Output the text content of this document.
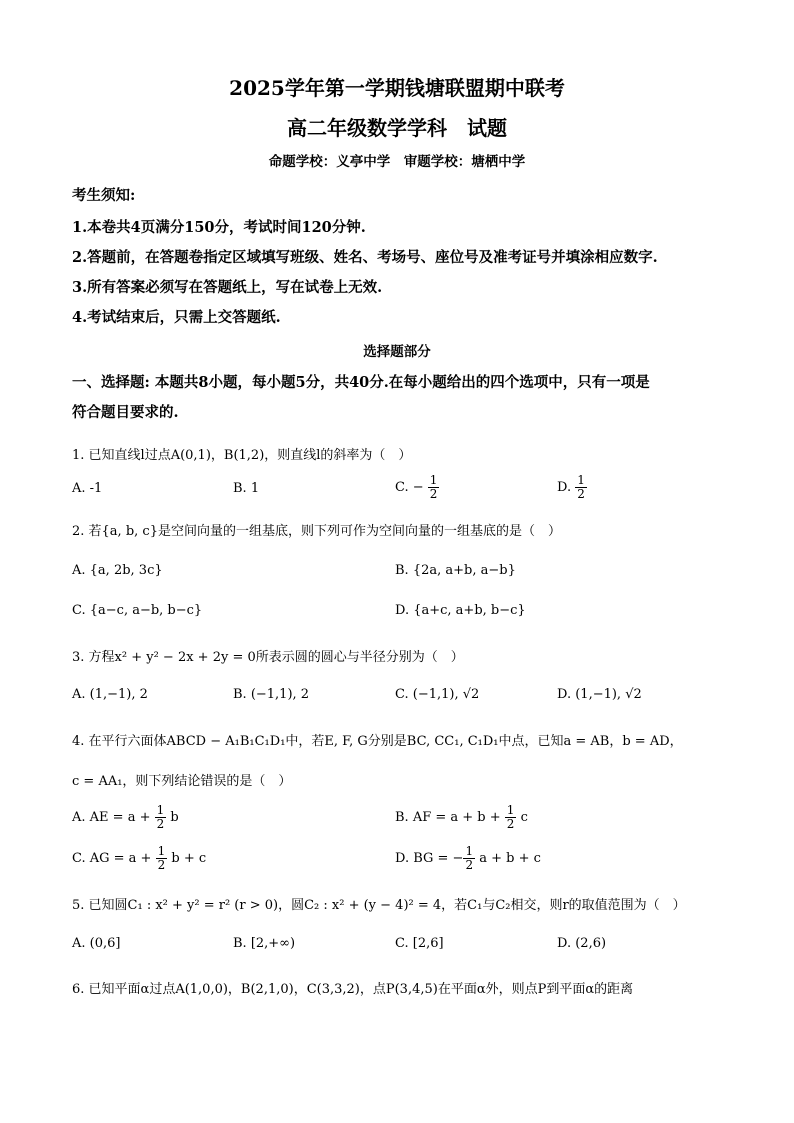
2025学年第一学期钱塘联盟期中联考
高二年级数学学科　试题
命题学校：义亭中学　审题学校：塘栖中学
考生须知:
1.本卷共4页满分150分，考试时间120分钟.
2.答题前，在答题卷指定区域填写班级、姓名、考场号、座位号及准考证号并填涂相应数字.
3.所有答案必须写在答题纸上，写在试卷上无效.
4.考试结束后，只需上交答题纸.
选择题部分
一、选择题: 本题共8小题，每小题5分，共40分.在每小题给出的四个选项中，只有一项是
符合题目要求的.
1. 已知直线l过点A(0,1)，B(1,2)，则直线l的斜率为（　）
A. -1	B. 1	C. − $\frac{1}{2}$	D. $\frac{1}{2}$
2. 若{a, b, c}是空间向量的一组基底，则下列可作为空间向量的一组基底的是（　）
A. {a, 2b, 3c}	B. {2a, a+b, a−b}
C. {a−c, a−b, b−c}	D. {a+c, a+b, b−c}
3. 方程x² + y² − 2x + 2y = 0所表示圆的圆心与半径分别为（　）
A. (1,−1), 2	B. (−1,1), 2	C. (−1,1), √2	D. (1,−1), √2
4. 在平行六面体ABCD − A₁B₁C₁D₁中，若E, F, G分别是BC, CC₁, C₁D₁中点，已知a = AB，b = AD，
c = AA₁，则下列结论错误的是（　）
A. AE = $a + \frac{1}{2}$ b	B. AF = $a + b + \frac{1}{2}$ c
C. AG = $a + \frac{1}{2}$ b + c	D. BG = − $\frac{1}{2}$ a + b + c
5. 已知圆C₁ : x² + y² = r² (r > 0)，圆C₂ : x² + (y − 4)² = 4，若C₁与C₂相交，则r的取值范围为（　）
A. (0,6]	B. [2,+∞)	C. [2,6]	D. (2,6)
6. 已知平面α过点A(1,0,0)，B(2,1,0)，C(3,3,2)，点P(3,4,5)在平面α外，则点P到平面α的距离
